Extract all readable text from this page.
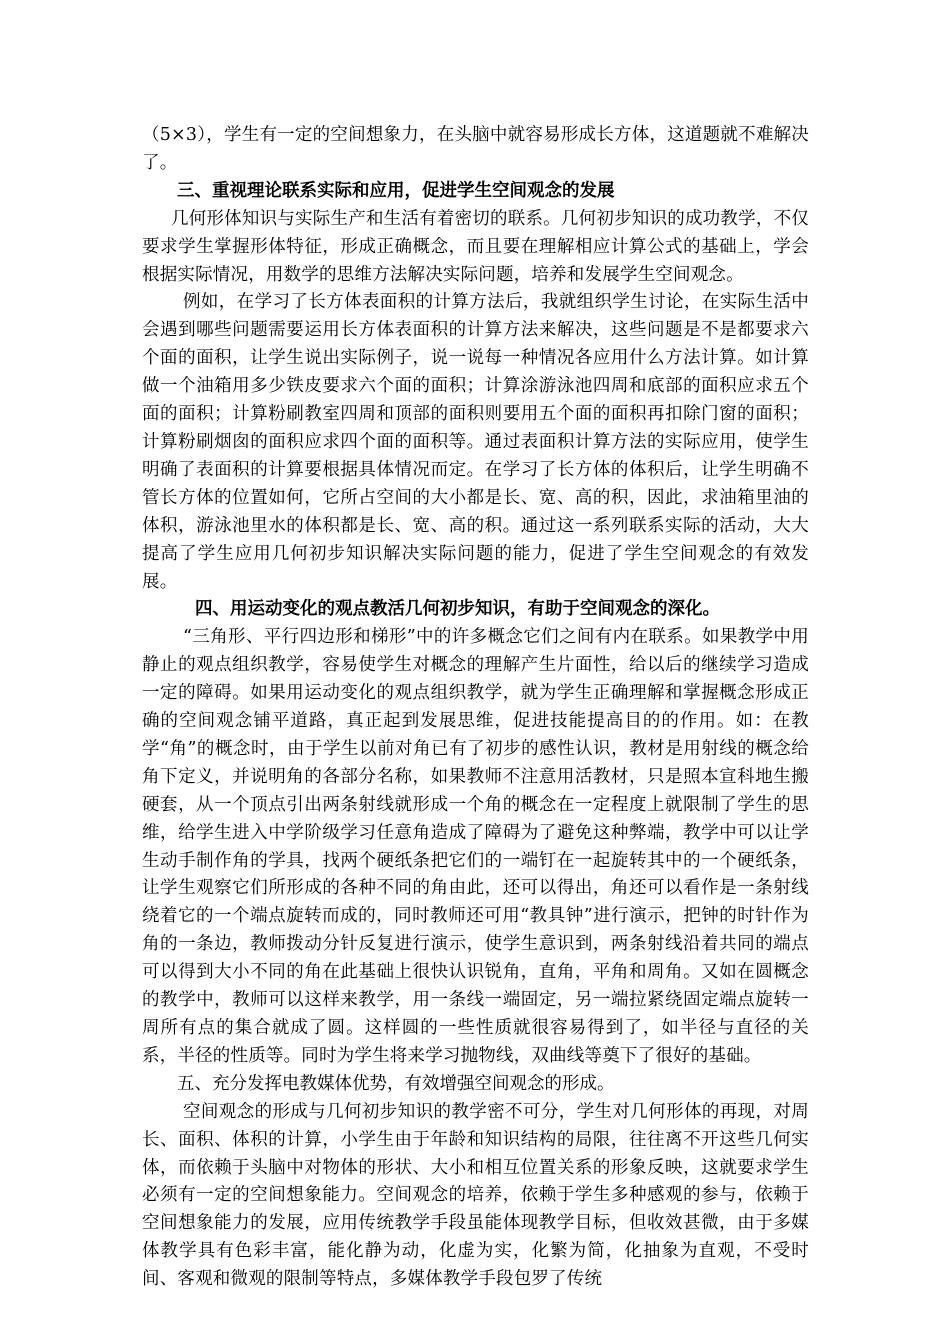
（5×3），学生有一定的空间想象力，在头脑中就容易形成长方体，这道题就不难解决了。

三、重视理论联系实际和应用，促进学生空间观念的发展

几何形体知识与实际生产和生活有着密切的联系。几何初步知识的成功教学，不仅要求学生掌握形体特征，形成正确概念，而且要在理解相应计算公式的基础上，学会根据实际情况，用数学的思维方法解决实际问题，培养和发展学生空间观念。

例如，在学习了长方体表面积的计算方法后，我就组织学生讨论，在实际生活中会遇到哪些问题需要运用长方体表面积的计算方法来解决，这些问题是不是都要求六个面的面积，让学生说出实际例子，说一说每一种情况各应用什么方法计算。如计算做一个油箱用多少铁皮要求六个面的面积；计算涂游泳池四周和底部的面积应求五个面的面积；计算粉刷教室四周和顶部的面积则要用五个面的面积再扣除门窗的面积；计算粉刷烟囱的面积应求四个面的面积等。通过表面积计算方法的实际应用，使学生明确了表面积的计算要根据具体情况而定。在学习了长方体的体积后，让学生明确不管长方体的位置如何，它所占空间的大小都是长、宽、高的积，因此，求油箱里油的体积，游泳池里水的体积都是长、宽、高的积。通过这一系列联系实际的活动，大大提高了学生应用几何初步知识解决实际问题的能力，促进了学生空间观念的有效发展。

四、用运动变化的观点教活几何初步知识，有助于空间观念的深化。

“三角形、平行四边形和梯形”中的许多概念它们之间有内在联系。如果教学中用静止的观点组织教学，容易使学生对概念的理解产生片面性，给以后的继续学习造成一定的障碍。如果用运动变化的观点组织教学，就为学生正确理解和掌握概念形成正确的空间观念铺平道路，真正起到发展思维，促进技能提高目的的作用。如：在教学“角”的概念时，由于学生以前对角已有了初步的感性认识，教材是用射线的概念给角下定义，并说明角的各部分名称，如果教师不注意用活教材，只是照本宣科地生搬硬套，从一个顶点引出两条射线就形成一个角的概念在一定程度上就限制了学生的思维，给学生进入中学阶级学习任意角造成了障碍为了避免这种弊端，教学中可以让学生动手制作角的学具，找两个硬纸条把它们的一端钉在一起旋转其中的一个硬纸条，让学生观察它们所形成的各种不同的角由此，还可以得出，角还可以看作是一条射线绕着它的一个端点旋转而成的，同时教师还可用“教具钟”进行演示，把钟的时针作为角的一条边，教师拨动分针反复进行演示，使学生意识到，两条射线沿着共同的端点可以得到大小不同的角在此基础上很快认识锐角，直角，平角和周角。又如在圆概念的教学中，教师可以这样来教学，用一条线一端固定，另一端拉紧绕固定端点旋转一周所有点的集合就成了圆。这样圆的一些性质就很容易得到了，如半径与直径的关系，半径的性质等。同时为学生将来学习抛物线，双曲线等奠下了很好的基础。

五、充分发挥电教媒体优势，有效增强空间观念的形成。

空间观念的形成与几何初步知识的教学密不可分，学生对几何形体的再现，对周长、面积、体积的计算，小学生由于年龄和知识结构的局限，往往离不开这些几何实体，而依赖于头脑中对物体的形状、大小和相互位置关系的形象反映，这就要求学生必须有一定的空间想象能力。空间观念的培养，依赖于学生多种感观的参与，依赖于空间想象能力的发展，应用传统教学手段虽能体现教学目标，但收效甚微，由于多媒体教学具有色彩丰富，能化静为动，化虚为实，化繁为简，化抽象为直观，不受时间、客观和微观的限制等特点，多媒体教学手段包罗了传统
